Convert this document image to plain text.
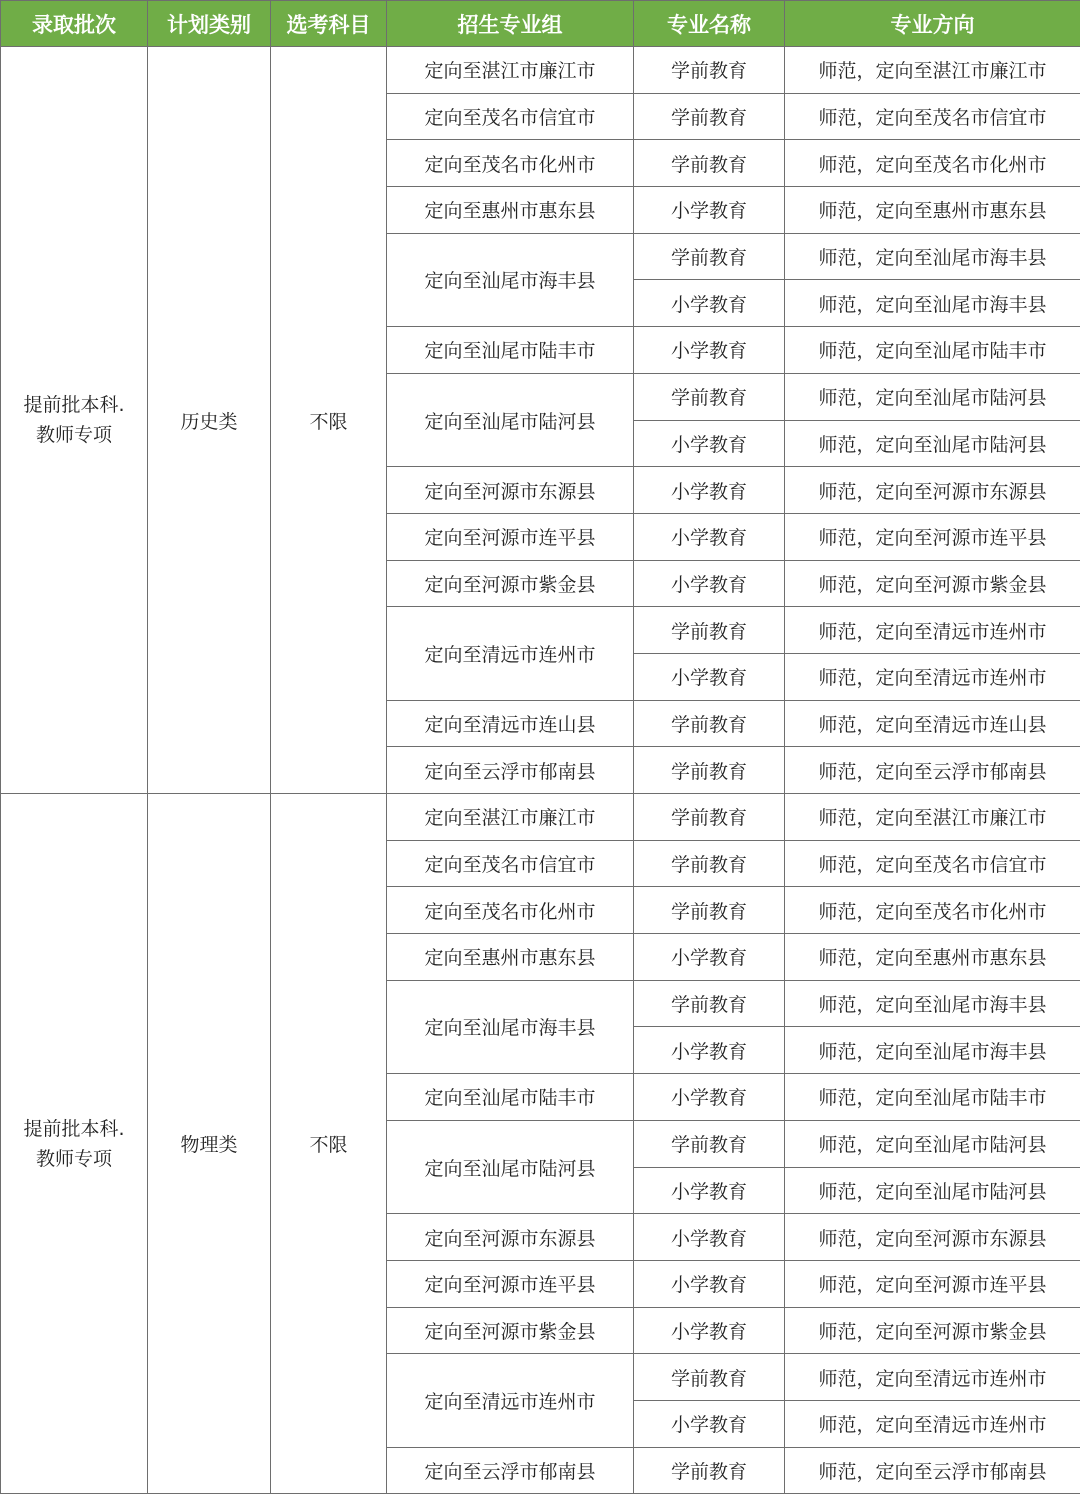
录取批次	计划类别	选考科目	招生专业组	专业名称	专业方向

提前批本科.
教师专项	历史类	不限	定向至湛江市廉江市	学前教育	师范，定向至湛江市廉江市
			定向至茂名市信宜市	学前教育	师范，定向至茂名市信宜市
			定向至茂名市化州市	学前教育	师范，定向至茂名市化州市
			定向至惠州市惠东县	小学教育	师范，定向至惠州市惠东县
			定向至汕尾市海丰县	学前教育	师范，定向至汕尾市海丰县
				小学教育	师范，定向至汕尾市海丰县
			定向至汕尾市陆丰市	小学教育	师范，定向至汕尾市陆丰市
			定向至汕尾市陆河县	学前教育	师范，定向至汕尾市陆河县
				小学教育	师范，定向至汕尾市陆河县
			定向至河源市东源县	小学教育	师范，定向至河源市东源县
			定向至河源市连平县	小学教育	师范，定向至河源市连平县
			定向至河源市紫金县	小学教育	师范，定向至河源市紫金县
			定向至清远市连州市	学前教育	师范，定向至清远市连州市
				小学教育	师范，定向至清远市连州市
			定向至清远市连山县	学前教育	师范，定向至清远市连山县
			定向至云浮市郁南县	学前教育	师范，定向至云浮市郁南县

提前批本科.
教师专项	物理类	不限	定向至湛江市廉江市	学前教育	师范，定向至湛江市廉江市
			定向至茂名市信宜市	学前教育	师范，定向至茂名市信宜市
			定向至茂名市化州市	学前教育	师范，定向至茂名市化州市
			定向至惠州市惠东县	小学教育	师范，定向至惠州市惠东县
			定向至汕尾市海丰县	学前教育	师范，定向至汕尾市海丰县
				小学教育	师范，定向至汕尾市海丰县
			定向至汕尾市陆丰市	小学教育	师范，定向至汕尾市陆丰市
			定向至汕尾市陆河县	学前教育	师范，定向至汕尾市陆河县
				小学教育	师范，定向至汕尾市陆河县
			定向至河源市东源县	小学教育	师范，定向至河源市东源县
			定向至河源市连平县	小学教育	师范，定向至河源市连平县
			定向至河源市紫金县	小学教育	师范，定向至河源市紫金县
			定向至清远市连州市	学前教育	师范，定向至清远市连州市
				小学教育	师范，定向至清远市连州市
			定向至云浮市郁南县	学前教育	师范，定向至云浮市郁南县
